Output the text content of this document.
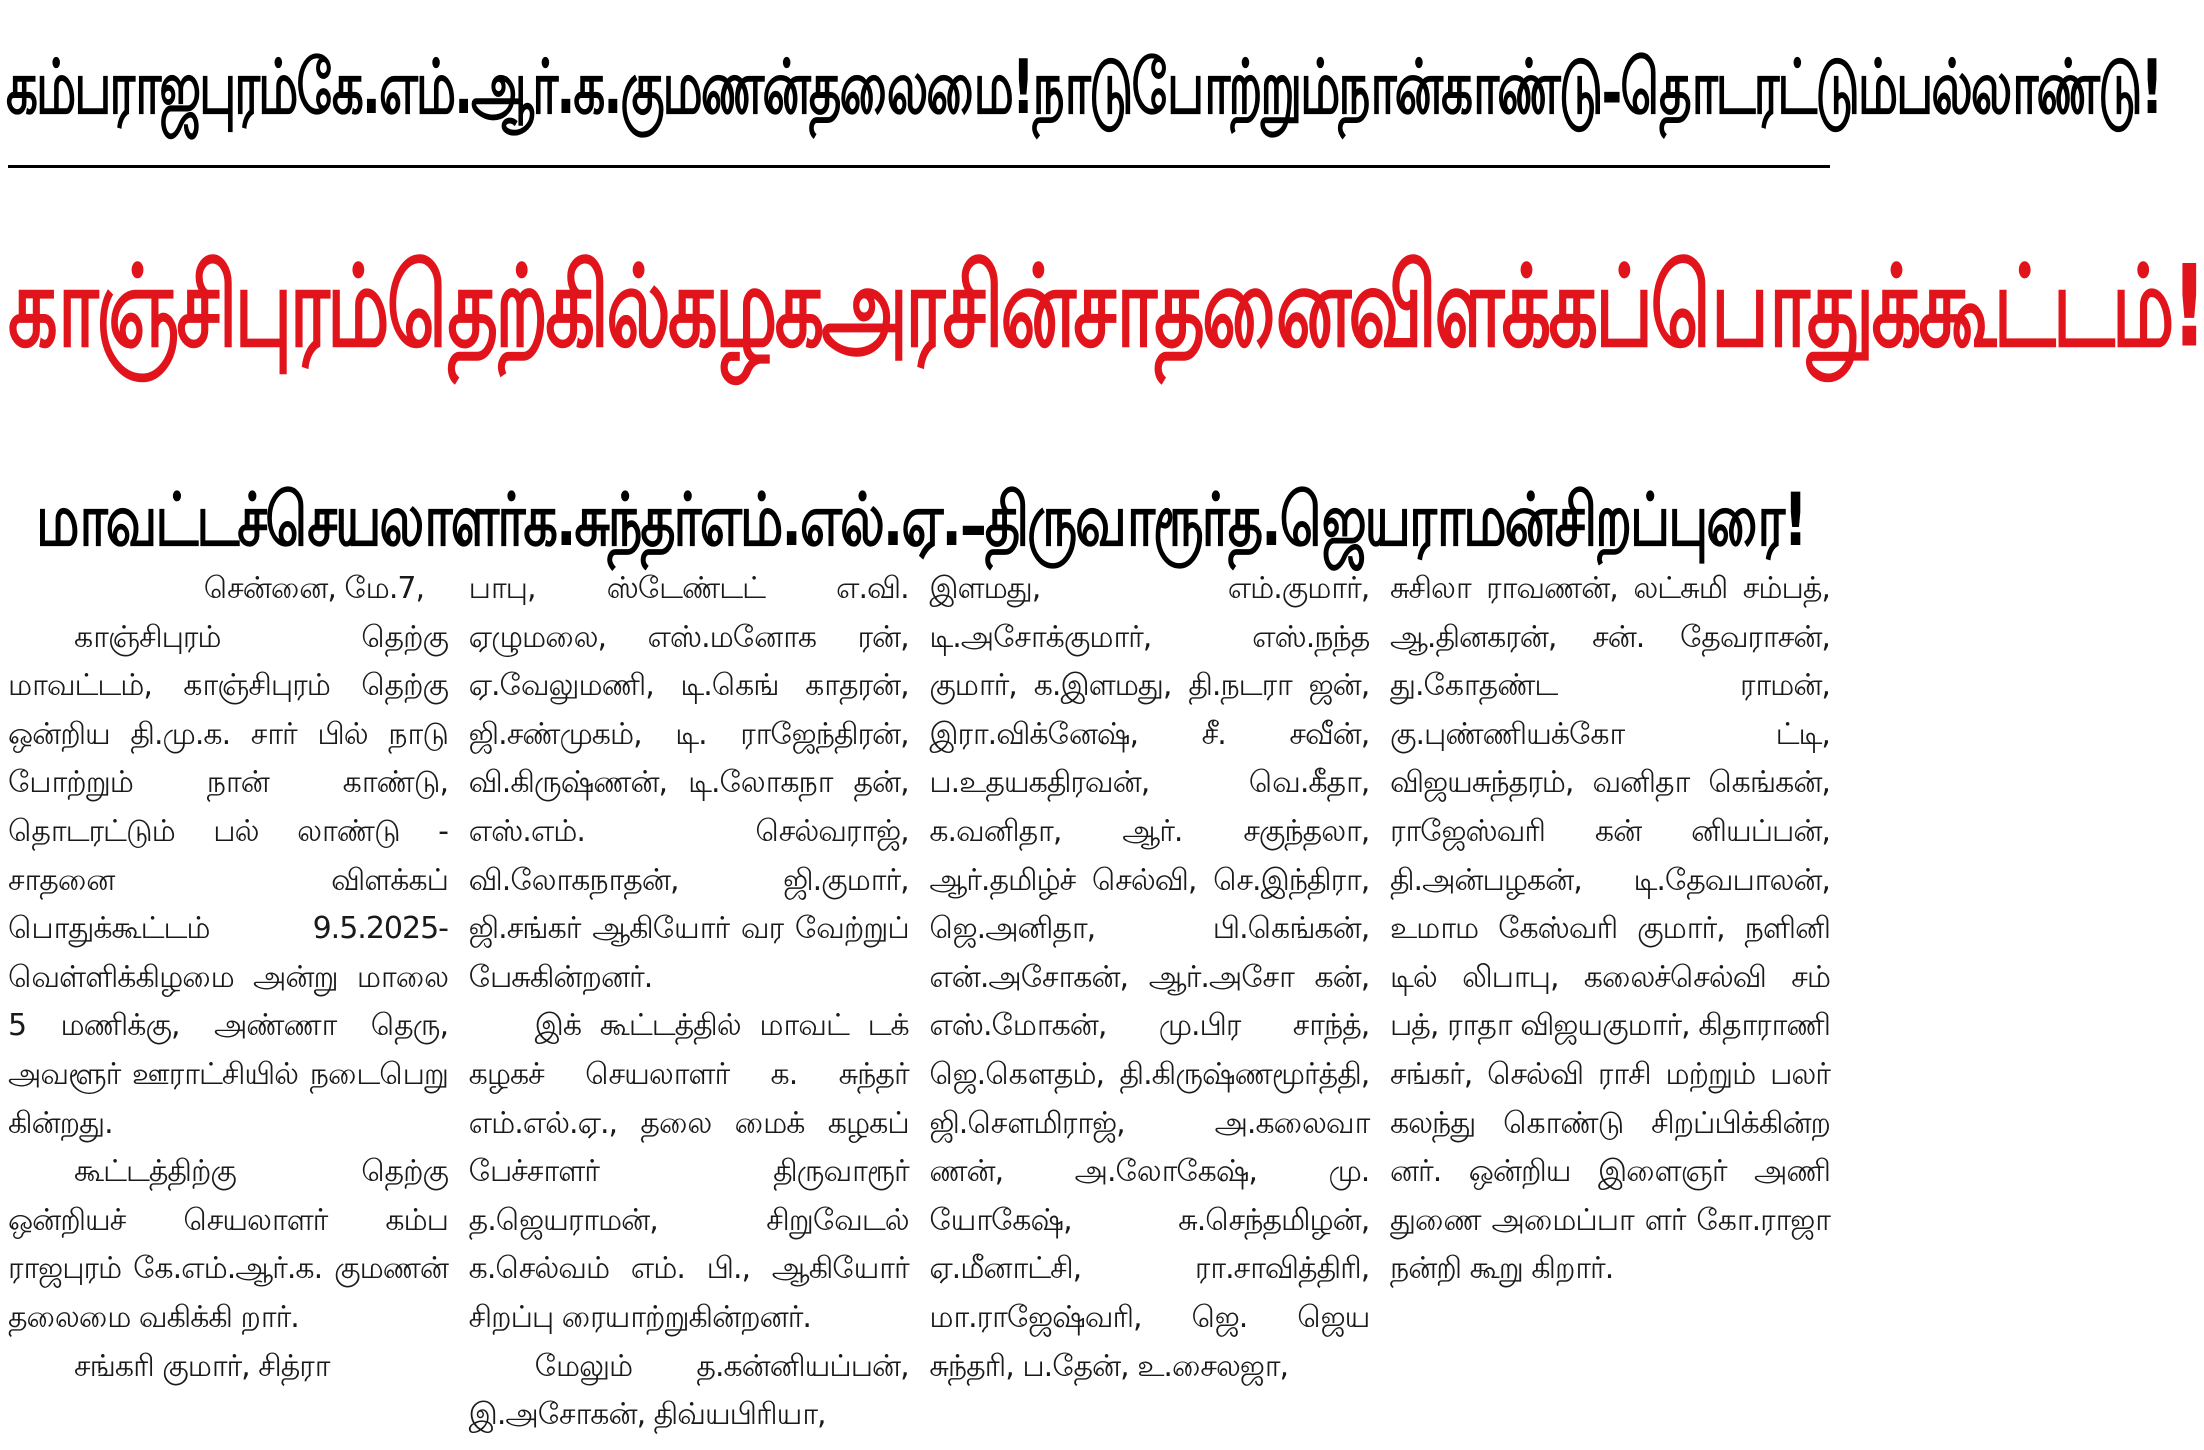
கம்பராஜபுரம் கே.எம்.ஆர்.க.குமணன் தலைமை! நாடு போற்றும் நான்காண்டு - தொடரட்டும் பல்லாண்டு!
காஞ்சிபுரம் தெற்கில் கழக அரசின் சாதனை விளக்கப் பொதுக்கூட்டம்!
மாவட்டச் செயலாளர் க.சுந்தர் எம்.எல்.ஏ. – திருவாரூர் த.ஜெயராமன் சிறப்புரை!

சென்னை, மே.7,

காஞ்சிபுரம் தெற்கு மாவட்டம், காஞ்சிபுரம் தெற்கு ஒன்றிய தி.மு.க. சார் பில் நாடு போற்றும் நான் காண்டு, தொடரட்டும் பல் லாண்டு - சாதனை விளக்கப் பொதுக்கூட்டம் 9.5.2025- வெள்ளிக்கிழமை அன்று மாலை 5 மணிக்கு, அண்ணா தெரு, அவளூர் ஊராட்சியில் நடைபெறு கின்றது.

கூட்டத்திற்கு தெற்கு ஒன்றியச் செயலாளர் கம்ப ராஜபுரம் கே.எம்.ஆர்.க. குமணன் தலைமை வகிக்கி றார்.

சங்கரி குமார், சித்ரா

பாபு, ஸ்டேண்டட் எ.வி. ஏழுமலை, எஸ்.மனோக ரன், ஏ.வேலுமணி, டி.கெங் காதரன், ஜி.சண்முகம், டி. ராஜேந்திரன், வி.கிருஷ்ணன், டி.லோகநா தன், எஸ்.எம். செல்வராஜ், வி.லோகநாதன், ஜி.குமார், ஜி.சங்கர் ஆகியோர் வர வேற்றுப் பேசுகின்றனர்.

இக் கூட்டத்தில் மாவட் டக் கழகச் செயலாளர் க. சுந்தர் எம்.எல்.ஏ., தலை மைக் கழகப் பேச்சாளர் திருவாரூர் த.ஜெயராமன், சிறுவேடல் க.செல்வம் எம். பி., ஆகியோர் சிறப்பு ரையாற்றுகின்றனர்.

மேலும் த.கன்னியப்பன், இ.அசோகன், திவ்யபிரியா,

இளமது, எம்.குமார், டி.அசோக்குமார், எஸ்.நந்த குமார், க.இளமது, தி.நடரா ஜன், இரா.விக்னேஷ், சீ. சவீன், ப.உதயகதிரவன், வெ.கீதா, க.வனிதா, ஆர். சகுந்தலா, ஆர்.தமிழ்ச் செல்வி, செ.இந்திரா, ஜெ.அனிதா, பி.கெங்கன், என்.அசோகன், ஆர்.அசோ கன், எஸ்.மோகன், மு.பிர சாந்த், ஜெ.கௌதம், தி.கிருஷ்ணமூர்த்தி, ஜி.சௌமிராஜ், அ.கலைவா ணன், அ.லோகேஷ், மு. யோகேஷ், சு.செந்தமிழன், ஏ.மீனாட்சி, ரா.சாவித்திரி, மா.ராஜேஷ்வரி, ஜெ. ஜெய சுந்தரி, ப.தேன், உ.சைலஜா,

சுசிலா ராவணன், லட்சுமி சம்பத், ஆ.தினகரன், சன். தேவராசன், து.கோதண்ட ராமன், கு.புண்ணியக்கோ ட்டி, விஜயசுந்தரம், வனிதா கெங்கன், ராஜேஸ்வரி கன் னியப்பன், தி.அன்பழகன், டி.தேவபாலன், உமாம கேஸ்வரி குமார், நளினி டில் லிபாபு, கலைச்செல்வி சம் பத், ராதா விஜயகுமார், கிதாராணி சங்கர், செல்வி ராசி மற்றும் பலர் கலந்து கொண்டு சிறப்பிக்கின்ற னர். ஒன்றிய இளைஞர் அணி துணை அமைப்பா ளர் கோ.ராஜா நன்றி கூறு கிறார்.
